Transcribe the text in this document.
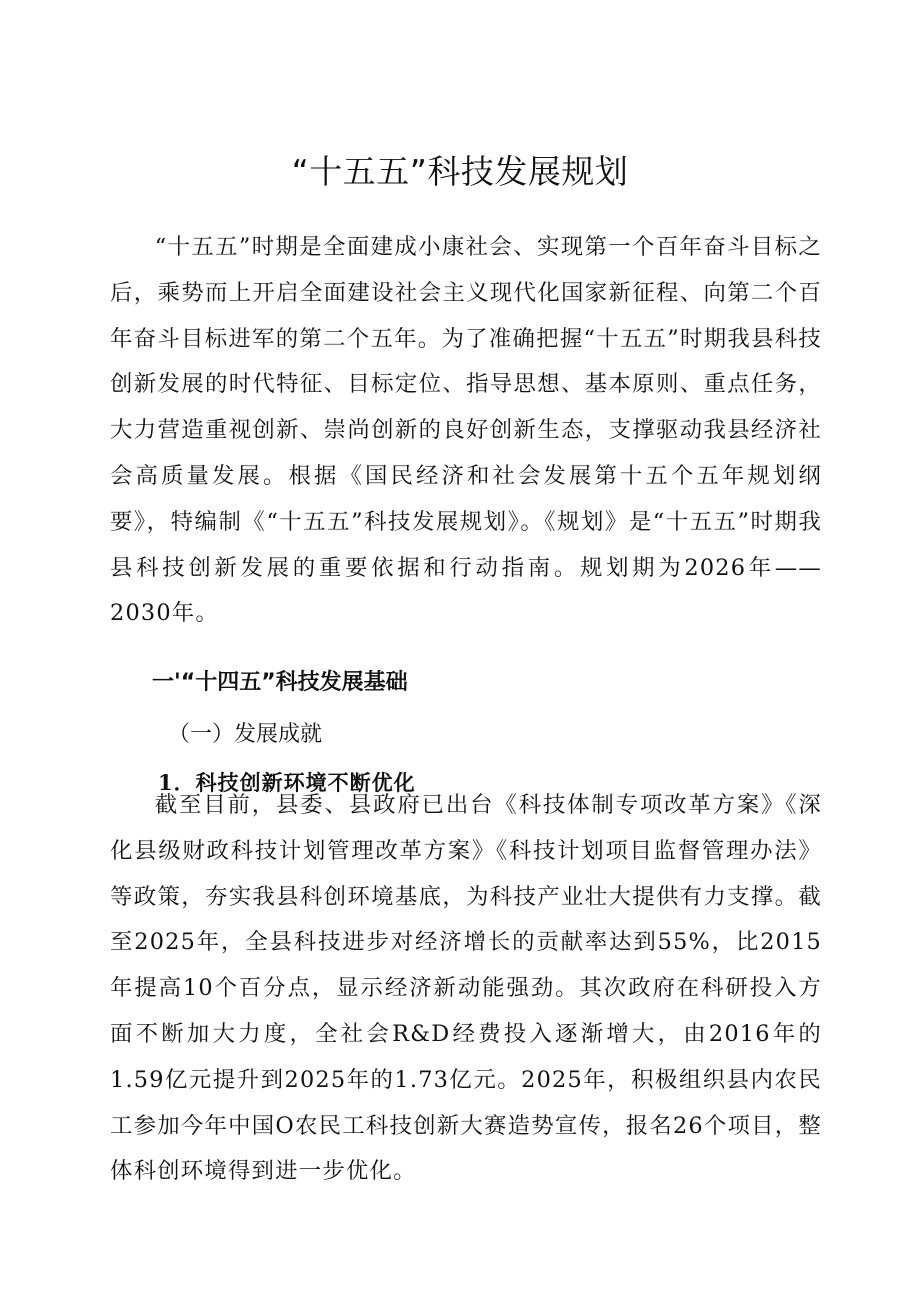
“十五五”科技发展规划

“十五五”时期是全面建成小康社会、实现第一个百年奋斗目标之后，乘势而上开启全面建设社会主义现代化国家新征程、向第二个百年奋斗目标进军的第二个五年。为了准确把握“十五五”时期我县科技创新发展的时代特征、目标定位、指导思想、基本原则、重点任务，大力营造重视创新、崇尚创新的良好创新生态，支撑驱动我县经济社会高质量发展。根据《国民经济和社会发展第十五个五年规划纲要》，特编制《“十五五”科技发展规划》。《规划》是“十五五”时期我县科技创新发展的重要依据和行动指南。规划期为2026年——2030年。

一'“十四五”科技发展基础
（一）发展成就
1．科技创新环境不断优化

截至目前，县委、县政府已出台《科技体制专项改革方案》《深化县级财政科技计划管理改革方案》《科技计划项目监督管理办法》等政策，夯实我县科创环境基底，为科技产业壮大提供有力支撑。截至2025年，全县科技进步对经济增长的贡献率达到55%，比2015年提高10个百分点，显示经济新动能强劲。其次政府在科研投入方面不断加大力度，全社会R&D经费投入逐渐增大，由2016年的1.59亿元提升到2025年的1.73亿元。2025年，积极组织县内农民工参加今年中国O农民工科技创新大赛造势宣传，报名26个项目，整体科创环境得到进一步优化。
